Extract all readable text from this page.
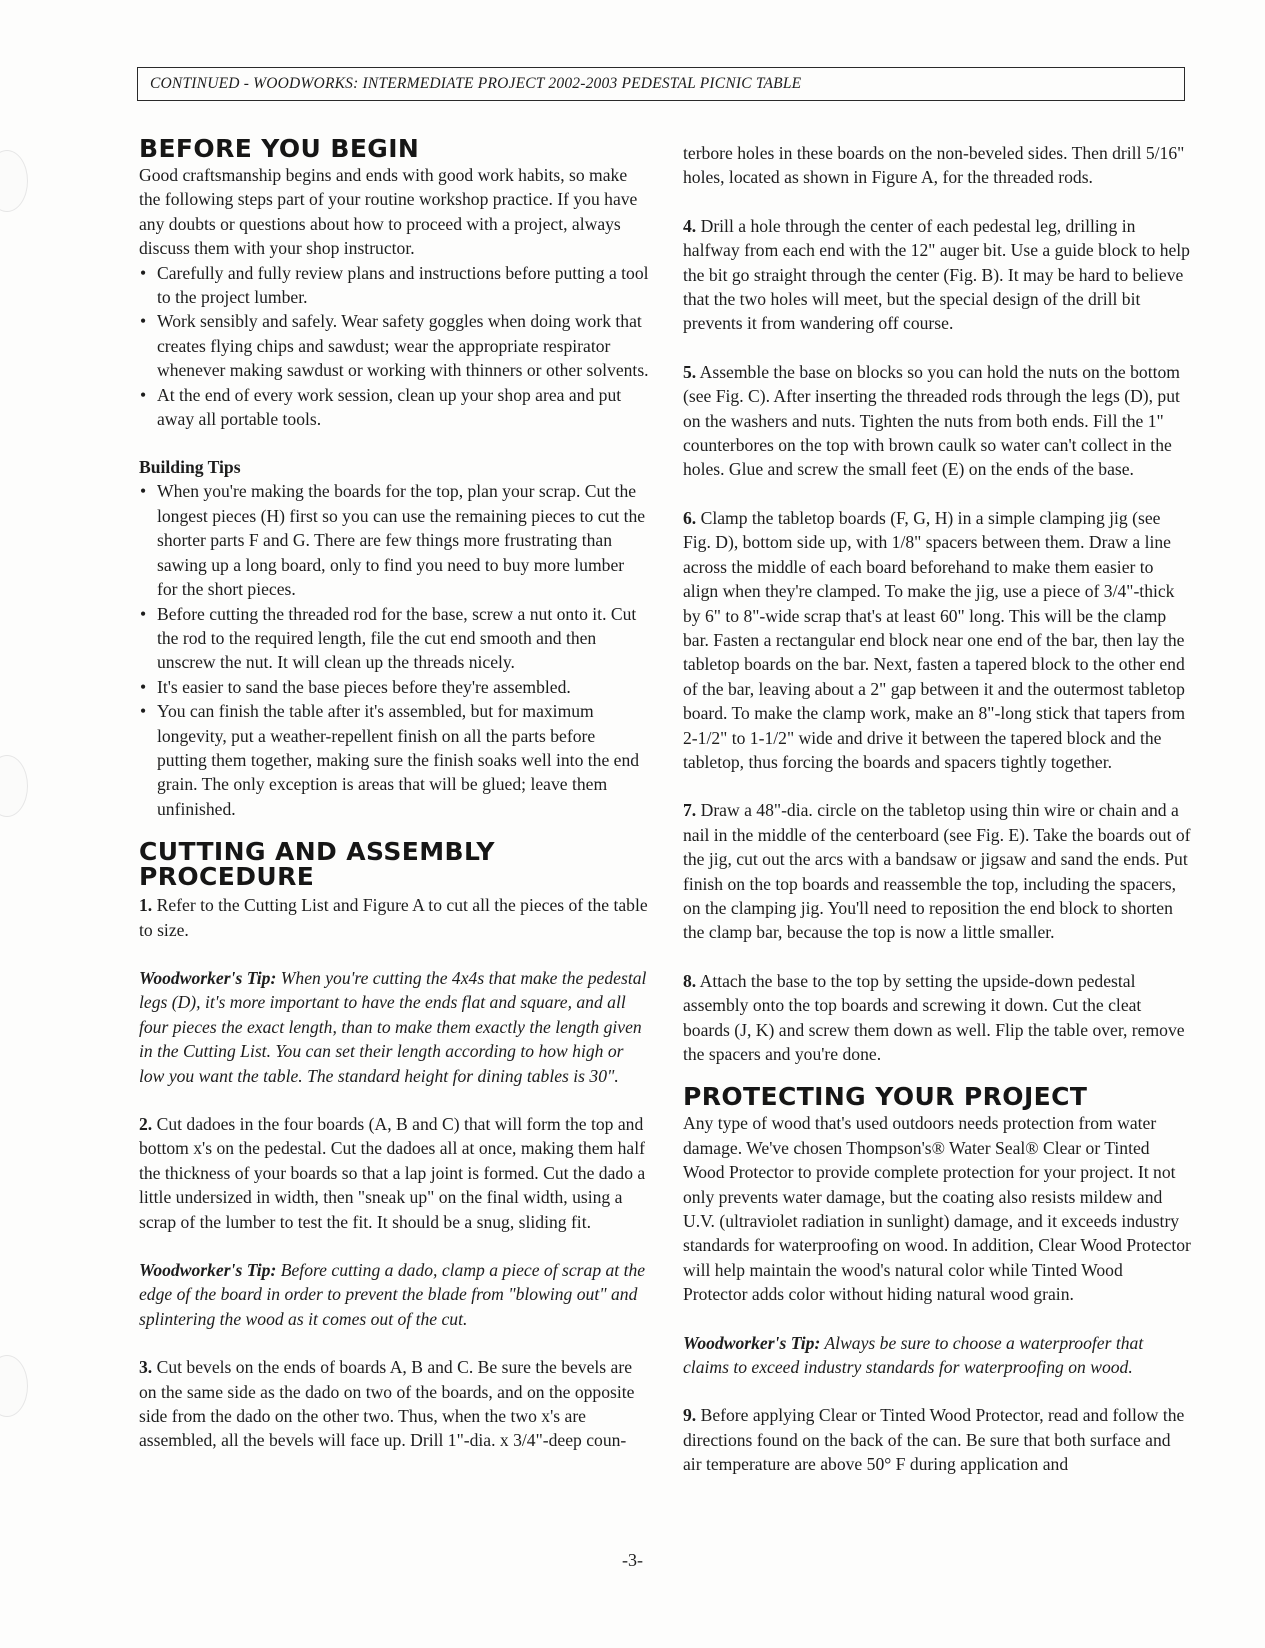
CONTINUED - WOODWORKS: INTERMEDIATE PROJECT 2002-2003 PEDESTAL PICNIC TABLE
BEFORE YOU BEGIN

Good craftsmanship begins and ends with good work habits, so make the following steps part of your routine workshop practice. If you have any doubts or questions about how to proceed with a project, always discuss them with your shop instructor.

• Carefully and fully review plans and instructions before putting a tool to the project lumber.
• Work sensibly and safely. Wear safety goggles when doing work that creates flying chips and sawdust; wear the appropriate respirator whenever making sawdust or working with thinners or other solvents.
• At the end of every work session, clean up your shop area and put away all portable tools.

Building Tips

• When you're making the boards for the top, plan your scrap. Cut the longest pieces (H) first so you can use the remaining pieces to cut the shorter parts F and G. There are few things more frustrating than sawing up a long board, only to find you need to buy more lumber for the short pieces.
• Before cutting the threaded rod for the base, screw a nut onto it. Cut the rod to the required length, file the cut end smooth and then unscrew the nut. It will clean up the threads nicely.
• It's easier to sand the base pieces before they're assembled.
• You can finish the table after it's assembled, but for maximum longevity, put a weather-repellent finish on all the parts before putting them together, making sure the finish soaks well into the end grain. The only exception is areas that will be glued; leave them unfinished.
CUTTING AND ASSEMBLY
PROCEDURE

1. Refer to the Cutting List and Figure A to cut all the pieces of the table to size.

Woodworker's Tip: When you're cutting the 4x4s that make the pedestal legs (D), it's more important to have the ends flat and square, and all four pieces the exact length, than to make them exactly the length given in the Cutting List. You can set their length according to how high or low you want the table. The standard height for dining tables is 30".

2. Cut dadoes in the four boards (A, B and C) that will form the top and bottom x's on the pedestal. Cut the dadoes all at once, making them half the thickness of your boards so that a lap joint is formed. Cut the dado a little undersized in width, then "sneak up" on the final width, using a scrap of the lumber to test the fit. It should be a snug, sliding fit.

Woodworker's Tip: Before cutting a dado, clamp a piece of scrap at the edge of the board in order to prevent the blade from "blowing out" and splintering the wood as it comes out of the cut.

3. Cut bevels on the ends of boards A, B and C. Be sure the bevels are on the same side as the dado on two of the boards, and on the opposite side from the dado on the other two. Thus, when the two x's are assembled, all the bevels will face up. Drill 1"-dia. x 3/4"-deep coun-

terbore holes in these boards on the non-beveled sides. Then drill 5/16" holes, located as shown in Figure A, for the threaded rods.

4. Drill a hole through the center of each pedestal leg, drilling in halfway from each end with the 12" auger bit. Use a guide block to help the bit go straight through the center (Fig. B). It may be hard to believe that the two holes will meet, but the special design of the drill bit prevents it from wandering off course.

5. Assemble the base on blocks so you can hold the nuts on the bottom (see Fig. C). After inserting the threaded rods through the legs (D), put on the washers and nuts. Tighten the nuts from both ends. Fill the 1" counterbores on the top with brown caulk so water can't collect in the holes. Glue and screw the small feet (E) on the ends of the base.

6. Clamp the tabletop boards (F, G, H) in a simple clamping jig (see Fig. D), bottom side up, with 1/8" spacers between them. Draw a line across the middle of each board beforehand to make them easier to align when they're clamped. To make the jig, use a piece of 3/4"-thick by 6" to 8"-wide scrap that's at least 60" long. This will be the clamp bar. Fasten a rectangular end block near one end of the bar, then lay the tabletop boards on the bar. Next, fasten a tapered block to the other end of the bar, leaving about a 2" gap between it and the outermost tabletop board. To make the clamp work, make an 8"-long stick that tapers from 2-1/2" to 1-1/2" wide and drive it between the tapered block and the tabletop, thus forcing the boards and spacers tightly together.

7. Draw a 48"-dia. circle on the tabletop using thin wire or chain and a nail in the middle of the centerboard (see Fig. E). Take the boards out of the jig, cut out the arcs with a bandsaw or jigsaw and sand the ends. Put finish on the top boards and reassemble the top, including the spacers, on the clamping jig. You'll need to reposition the end block to shorten the clamp bar, because the top is now a little smaller.

8. Attach the base to the top by setting the upside-down pedestal assembly onto the top boards and screwing it down. Cut the cleat boards (J, K) and screw them down as well. Flip the table over, remove the spacers and you're done.

PROTECTING YOUR PROJECT

Any type of wood that's used outdoors needs protection from water damage. We've chosen Thompson's® Water Seal® Clear or Tinted Wood Protector to provide complete protection for your project. It not only prevents water damage, but the coating also resists mildew and U.V. (ultraviolet radiation in sunlight) damage, and it exceeds industry standards for waterproofing on wood. In addition, Clear Wood Protector will help maintain the wood's natural color while Tinted Wood Protector adds color without hiding natural wood grain.

Woodworker's Tip: Always be sure to choose a waterproofer that claims to exceed industry standards for waterproofing on wood.

9. Before applying Clear or Tinted Wood Protector, read and follow the directions found on the back of the can. Be sure that both surface and air temperature are above 50° F during application and

-3-
